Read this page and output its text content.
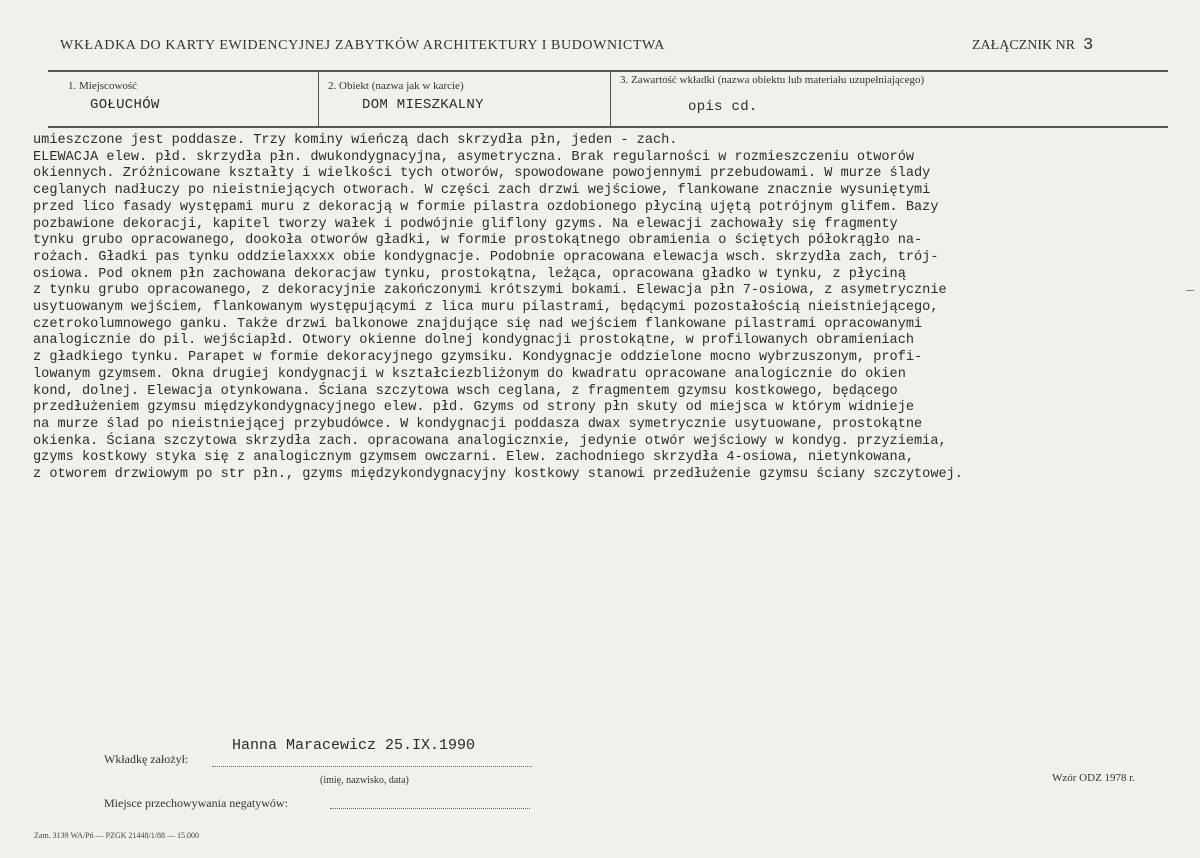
WKŁADKA DO KARTY EWIDENCYJNEJ ZABYTKÓW ARCHITEKTURY I BUDOWNICTWA	ZAŁĄCZNIK NR 3
1. Miejscowość
GOŁUCHÓW
2. Obiekt (nazwa jak w karcie)
DOM MIESZKALNY
3. Zawartość wkładki (nazwa obiektu lub materiału uzupełniającego)
opis cd.
umieszczone jest poddasze. Trzy kominy wieńczą dach skrzydła płn, jeden - zach.
ELEWACJA elew. płd. skrzydła płn. dwukondygnacyjna, asymetryczna. Brak regularności w rozmieszczeniu otworów
okiennych. Zróżnicowane kształty i wielkości tych otworów, spowodowane powojennymi przebudowami. W murze ślady
ceglanych nadłuczy po nieistniejących otworach. W części zach drzwi wejściowe, flankowane znacznie wysuniętymi
przed lico fasady występami muru z dekoracją w formie pilastra ozdobionego płyciną ujętą potrójnym glifem. Bazy
pozbawione dekoracji, kapitel tworzy wałek i podwójnie gliflony gzyms. Na elewacji zachowały się fragmenty
tynku grubo opracowanego, dookoła otworów gładki, w formie prostokątnego obramienia o ściętych półokrągło na-
rożach. Gładki pas tynku oddzielaxxxx obie kondygnacje. Podobnie opracowana elewacja wsch. skrzydła zach, trój-
osiowa. Pod oknem płn zachowana dekoracjaw tynku, prostokątna, leżąca, opracowana gładko w tynku, z płyciną
z tynku grubo opracowanego, z dekoracyjnie zakończonymi krótszymi bokami. Elewacja płn 7-osiowa, z asymetrycznie
usytuowanym wejściem, flankowanym występującymi z lica muru pilastrami, będącymi pozostałością nieistniejącego,
czetrokolumnowego ganku. Także drzwi balkonowe znajdujące się nad wejściem flankowane pilastrami opracowanymi
analogicznie do pil. wejściapłd. Otwory okienne dolnej kondygnacji prostokątne, w profilowanych obramieniach
z gładkiego tynku. Parapet w formie dekoracyjnego gzymsiku. Kondygnacje oddzielone mocno wybrzuszonym, profi-
lowanym gzymsem. Okna drugiej kondygnacji w kształciezbliżonym do kwadratu opracowane analogicznie do okien
kond, dolnej. Elewacja otynkowana. Ściana szczytowa wsch ceglana, z fragmentem gzymsu kostkowego, będącego
przedłużeniem gzymsu międzykondygnacyjnego elew. płd. Gzyms od strony płn skuty od miejsca w którym widnieje
na murze ślad po nieistniejącej przybudówce. W kondygnacji poddasza dwax symetrycznie usytuowane, prostokątne
okienka. Ściana szczytowa skrzydła zach. opracowana analogicznxie, jedynie otwór wejściowy w kondyg. przyziemia,
gzyms kostkowy styka się z analogicznym gzymsem owczarni. Elew. zachodniego skrzydła 4-osiowa, nietynkowana,
z otworem drzwiowym po str płn., gzyms międzykondygnacyjny kostkowy stanowi przedłużenie gzymsu ściany szczytowej.
Hanna Maracewicz 25.IX.1990
Wkładkę założył:
(imię, nazwisko, data)
Miejsce przechowywania negatywów:
Wzór ODZ 1978 r.
Zam. 3139 WA/Pń — PZGK 21448/1/88 — 15.000
